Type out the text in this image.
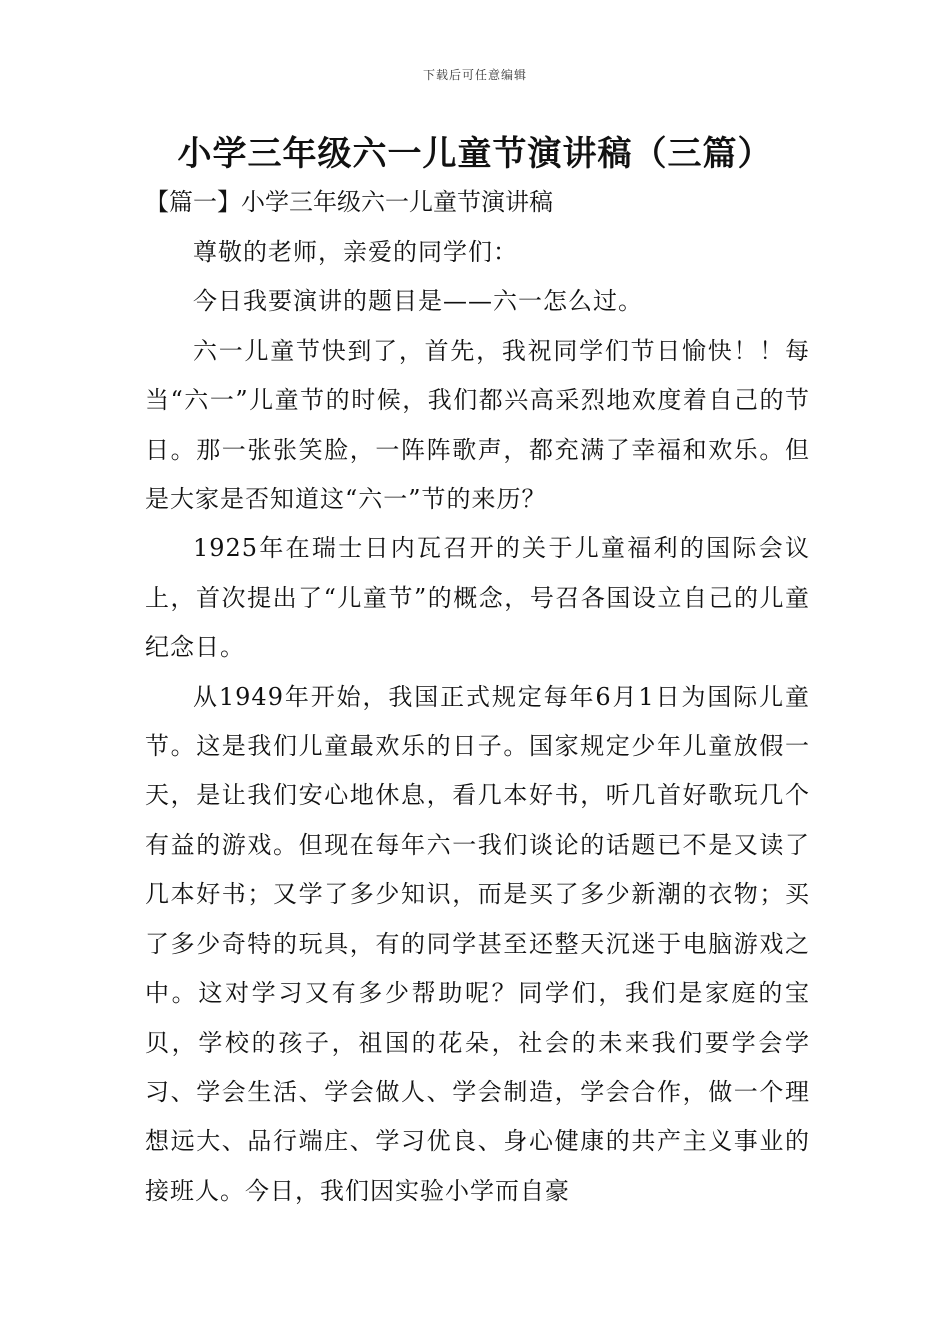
下载后可任意编辑
小学三年级六一儿童节演讲稿（三篇）
【篇一】小学三年级六一儿童节演讲稿

尊敬的老师，亲爱的同学们：

今日我要演讲的题目是——六一怎么过。

六一儿童节快到了，首先，我祝同学们节日愉快！！每当“六一”儿童节的时候，我们都兴高采烈地欢度着自己的节日。那一张张笑脸，一阵阵歌声，都充满了幸福和欢乐。但是大家是否知道这“六一”节的来历？

1925年在瑞士日内瓦召开的关于儿童福利的国际会议上，首次提出了“儿童节”的概念，号召各国设立自己的儿童纪念日。

从1949年开始，我国正式规定每年6月1日为国际儿童节。这是我们儿童最欢乐的日子。国家规定少年儿童放假一天，是让我们安心地休息，看几本好书，听几首好歌玩几个有益的游戏。但现在每年六一我们谈论的话题已不是又读了几本好书；又学了多少知识，而是买了多少新潮的衣物；买了多少奇特的玩具，有的同学甚至还整天沉迷于电脑游戏之中。这对学习又有多少帮助呢？同学们，我们是家庭的宝贝，学校的孩子，祖国的花朵，社会的未来我们要学会学习、学会生活、学会做人、学会制造，学会合作，做一个理想远大、品行端庄、学习优良、身心健康的共产主义事业的接班人。今日，我们因实验小学而自豪
